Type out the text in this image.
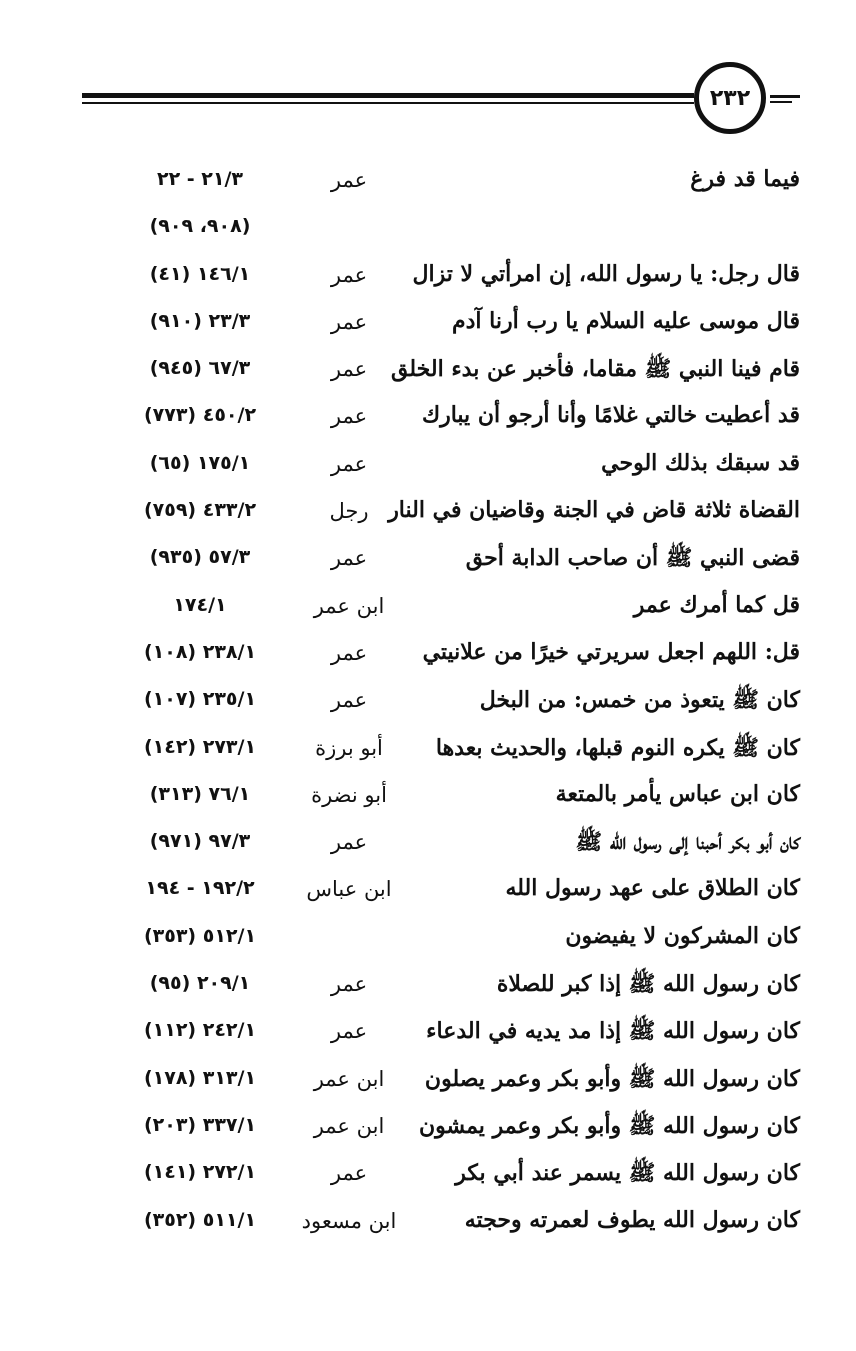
٢٣٢
فيما قد فرغ
عمر
٢١/٣ - ٢٢
(٩٠٨، ٩٠٩)
قال رجل: يا رسول الله، إن امرأتي لا تزال
عمر
١٤٦/١ (٤١)
قال موسى عليه السلام يا رب أرنا آدم
عمر
٢٣/٣ (٩١٠)
قام فينا النبي ﷺ مقاما، فأخبر عن بدء الخلق
عمر
٦٧/٣ (٩٤٥)
قد أعطيت خالتي غلامًا وأنا أرجو أن يبارك
عمر
٤٥٠/٢ (٧٧٣)
قد سبقك بذلك الوحي
عمر
١٧٥/١ (٦٥)
القضاة ثلاثة قاض في الجنة وقاضيان في النار
رجل
٤٣٣/٢ (٧٥٩)
قضى النبي ﷺ أن صاحب الدابة أحق
عمر
٥٧/٣ (٩٣٥)
قل كما أمرك عمر
ابن عمر
١٧٤/١
قل: اللهم اجعل سريرتي خيرًا من علانيتي
عمر
٢٣٨/١ (١٠٨)
كان ﷺ يتعوذ من خمس: من البخل
عمر
٢٣٥/١ (١٠٧)
كان ﷺ يكره النوم قبلها، والحديث بعدها
أبو برزة
٢٧٣/١ (١٤٢)
كان ابن عباس يأمر بالمتعة
أبو نضرة
٧٦/١ (٣١٣)
كان أبو بكر أحبنا إلى رسول الله ﷺ
عمر
٩٧/٣ (٩٧١)
كان الطلاق على عهد رسول الله
ابن عباس
١٩٢/٢ - ١٩٤
كان المشركون لا يفيضون
٥١٢/١ (٣٥٣)
كان رسول الله ﷺ إذا كبر للصلاة
عمر
٢٠٩/١ (٩٥)
كان رسول الله ﷺ إذا مد يديه في الدعاء
عمر
٢٤٢/١ (١١٢)
كان رسول الله ﷺ وأبو بكر وعمر يصلون
ابن عمر
٣١٣/١ (١٧٨)
كان رسول الله ﷺ وأبو بكر وعمر يمشون
ابن عمر
٣٣٧/١ (٢٠٣)
كان رسول الله ﷺ يسمر عند أبي بكر
عمر
٢٧٢/١ (١٤١)
كان رسول الله يطوف لعمرته وحجته
ابن مسعود
٥١١/١ (٣٥٢)
